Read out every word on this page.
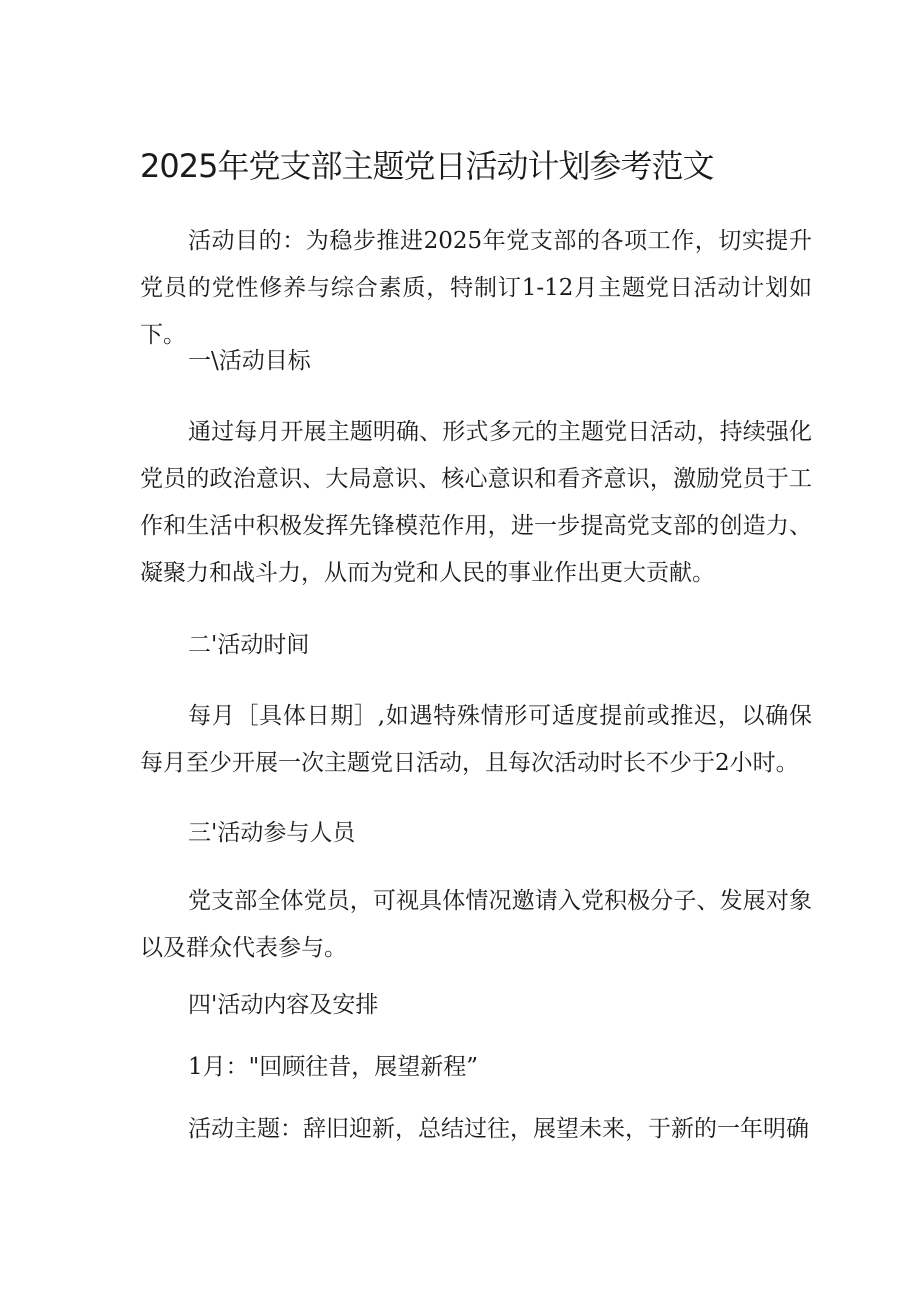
2025年党支部主题党日活动计划参考范文

活动目的：为稳步推进2025年党支部的各项工作，切实提升党员的党性修养与综合素质，特制订1-12月主题党日活动计划如下。

一\活动目标

通过每月开展主题明确、形式多元的主题党日活动，持续强化党员的政治意识、大局意识、核心意识和看齐意识，激励党员于工作和生活中积极发挥先锋模范作用，进一步提高党支部的创造力、凝聚力和战斗力，从而为党和人民的事业作出更大贡献。

二'活动时间

每月［具体日期］,如遇特殊情形可适度提前或推迟，以确保每月至少开展一次主题党日活动，且每次活动时长不少于2小时。

三'活动参与人员

党支部全体党员，可视具体情况邀请入党积极分子、发展对象以及群众代表参与。

四'活动内容及安排

1月："回顾往昔，展望新程”

活动主题：辞旧迎新，总结过往，展望未来，于新的一年明确
